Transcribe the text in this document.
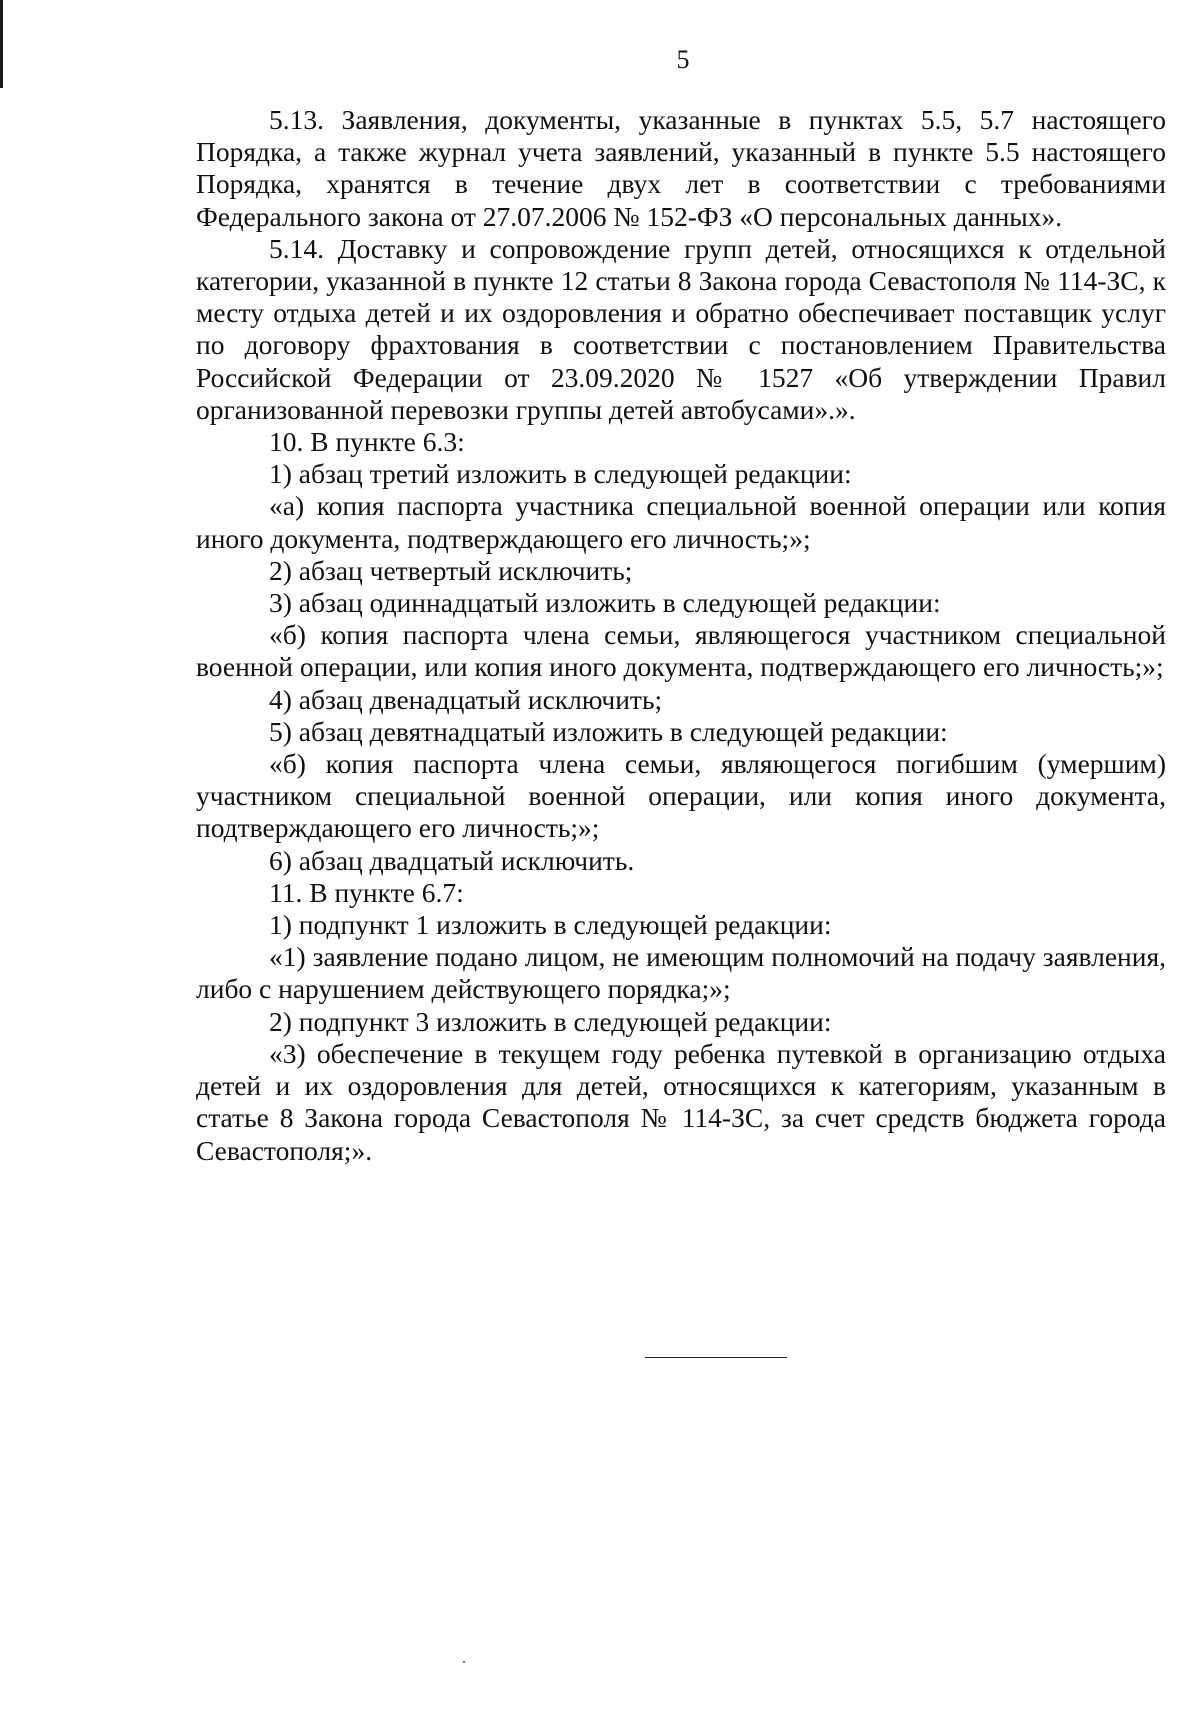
5

5.13. Заявления, документы, указанные в пунктах 5.5, 5.7 настоящего Порядка, а также журнал учета заявлений, указанный в пункте 5.5 настоящего Порядка, хранятся в течение двух лет в соответствии с требованиями Федерального закона от 27.07.2006 № 152-ФЗ «О персональных данных».

5.14. Доставку и сопровождение групп детей, относящихся к отдельной категории, указанной в пункте 12 статьи 8 Закона города Севастополя № 114-ЗС, к месту отдыха детей и их оздоровления и обратно обеспечивает поставщик услуг по договору фрахтования в соответствии с постановлением Правительства Российской Федерации от 23.09.2020 № 1527 «Об утверждении Правил организованной перевозки группы детей автобусами».».

10. В пункте 6.3:

1) абзац третий изложить в следующей редакции:

«а) копия паспорта участника специальной военной операции или копия иного документа, подтверждающего его личность;»;

2) абзац четвертый исключить;

3) абзац одиннадцатый изложить в следующей редакции:

«б) копия паспорта члена семьи, являющегося участником специальной военной операции, или копия иного документа, подтверждающего его личность;»;

4) абзац двенадцатый исключить;

5) абзац девятнадцатый изложить в следующей редакции:

«б) копия паспорта члена семьи, являющегося погибшим (умершим) участником специальной военной операции, или копия иного документа, подтверждающего его личность;»;

6) абзац двадцатый исключить.

11. В пункте 6.7:

1) подпункт 1 изложить в следующей редакции:

«1) заявление подано лицом, не имеющим полномочий на подачу заявления, либо с нарушением действующего порядка;»;

2) подпункт 3 изложить в следующей редакции:

«3) обеспечение в текущем году ребенка путевкой в организацию отдыха детей и их оздоровления для детей, относящихся к категориям, указанным в статье 8 Закона города Севастополя № 114-ЗС, за счет средств бюджета города Севастополя;».
